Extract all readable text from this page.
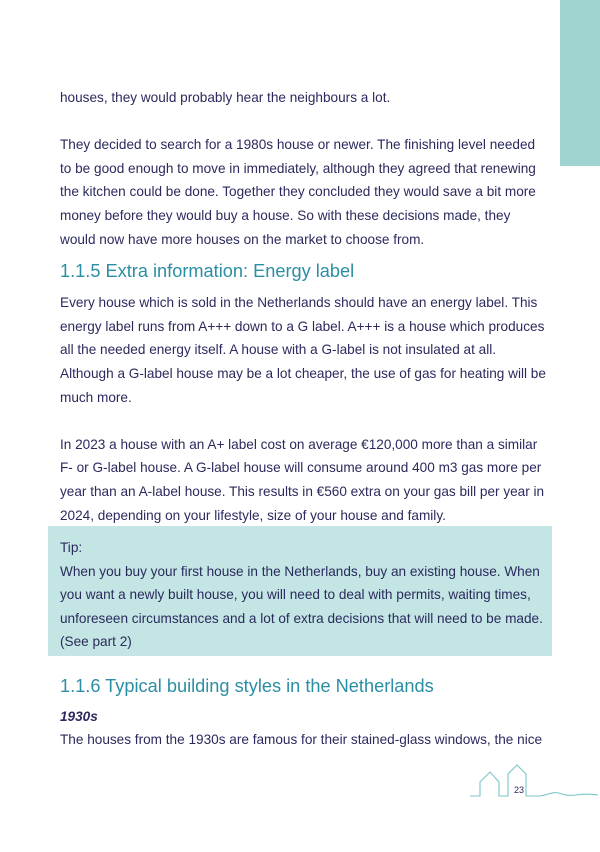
houses, they would probably hear the neighbours a lot.

They decided to search for a 1980s house or newer. The finishing level needed to be good enough to move in immediately, although they agreed that renewing the kitchen could be done. Together they concluded they would save a bit more money before they would buy a house. So with these decisions made, they would now have more houses on the market to choose from.

1.1.5 Extra information: Energy label

Every house which is sold in the Netherlands should have an energy label. This energy label runs from A+++ down to a G label. A+++ is a house which produces all the needed energy itself. A house with a G-label is not insulated at all. Although a G-label house may be a lot cheaper, the use of gas for heating will be much more.

In 2023 a house with an A+ label cost on average €120,000 more than a similar F- or G-label house. A G-label house will consume around 400 m3 gas more per year than an A-label house. This results in €560 extra on your gas bill per year in 2024, depending on your lifestyle, size of your house and family.

Tip:

When you buy your first house in the Netherlands, buy an existing house. When you want a newly built house, you will need to deal with permits, waiting times, unforeseen circumstances and a lot of extra decisions that will need to be made. (See part 2)

1.1.6 Typical building styles in the Netherlands
1930s

The houses from the 1930s are famous for their stained-glass windows, the nice

23
